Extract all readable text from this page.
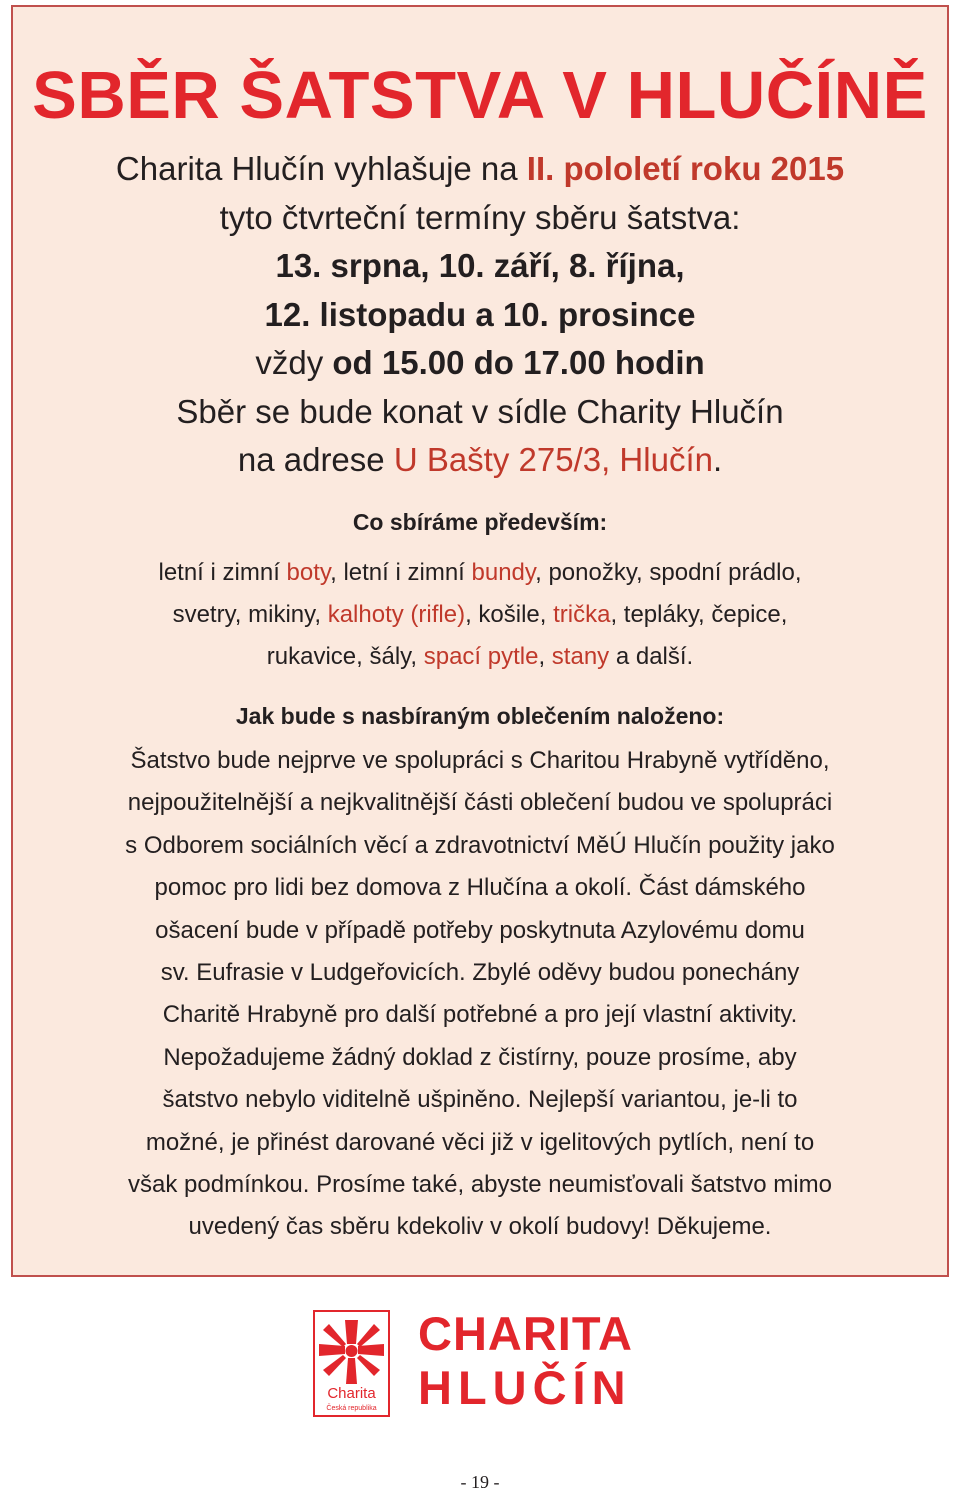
SBĚR ŠATSTVA V HLUČÍNĚ
Charita Hlučín vyhlašuje na II. pololetí roku 2015
tyto čtvrteční termíny sběru šatstva:
13. srpna, 10. září, 8. října,
12. listopadu a 10. prosince
vždy od 15.00 do 17.00 hodin
Sběr se bude konat v sídle Charity Hlučín
na adrese U Bašty 275/3, Hlučín.
Co sbíráme především:
letní i zimní boty, letní i zimní bundy, ponožky, spodní prádlo,
svetry, mikiny, kalhoty (rifle), košile, trička, tepláky, čepice,
rukavice, šály, spací pytle, stany a další.
Jak bude s nasbíraným oblečením naloženo:
Šatstvo bude nejprve ve spolupráci s Charitou Hrabyně vytříděno,
nejpoužitelnější a nejkvalitnější části oblečení budou ve spolupráci
s Odborem sociálních věcí a zdravotnictví MěÚ Hlučín použity jako
pomoc pro lidi bez domova z Hlučína a okolí. Část dámského
ošacení bude v případě potřeby poskytnuta Azylovému domu
sv. Eufrasie v Ludgeřovicích. Zbylé oděvy budou ponechány
Charitě Hrabyně pro další potřebné a pro její vlastní aktivity.
Nepožadujeme žádný doklad z čistírny, pouze prosíme, aby
šatstvo nebylo viditelně ušpiněno. Nejlepší variantou, je-li to
možné, je přinést darované věci již v igelitových pytlích, není to
však podmínkou. Prosíme také, abyste neumisťovali šatstvo mimo
uvedený čas sběru kdekoliv v okolí budovy! Děkujeme.
Charita
Česká republika
CHARITA
HLUČÍN
- 19 -
